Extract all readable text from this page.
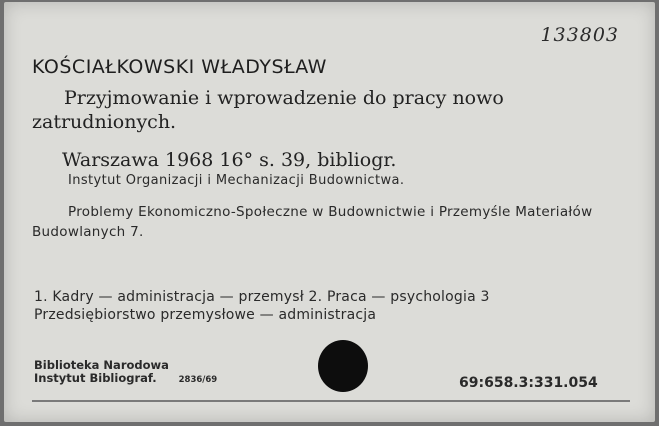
133803
KOŚCIAŁKOWSKI WŁADYSŁAW
Przyjmowanie i wprowadzenie do pracy nowo zatrudnionych.
Warszawa 1968 16° s. 39, bibliogr.
Instytut Organizacji i Mechanizacji Budownictwa.
Problemy Ekonomiczno-Społeczne w Budownictwie i Przemyśle Materiałów Budowlanych 7.
1. Kadry — administracja — przemysł 2. Praca — psychologia 3 Przedsiębiorstwo przemysłowe — administracja
Biblioteka Narodowa
Instytut Bibliograf.	2836/69	69:658.3:331.054
